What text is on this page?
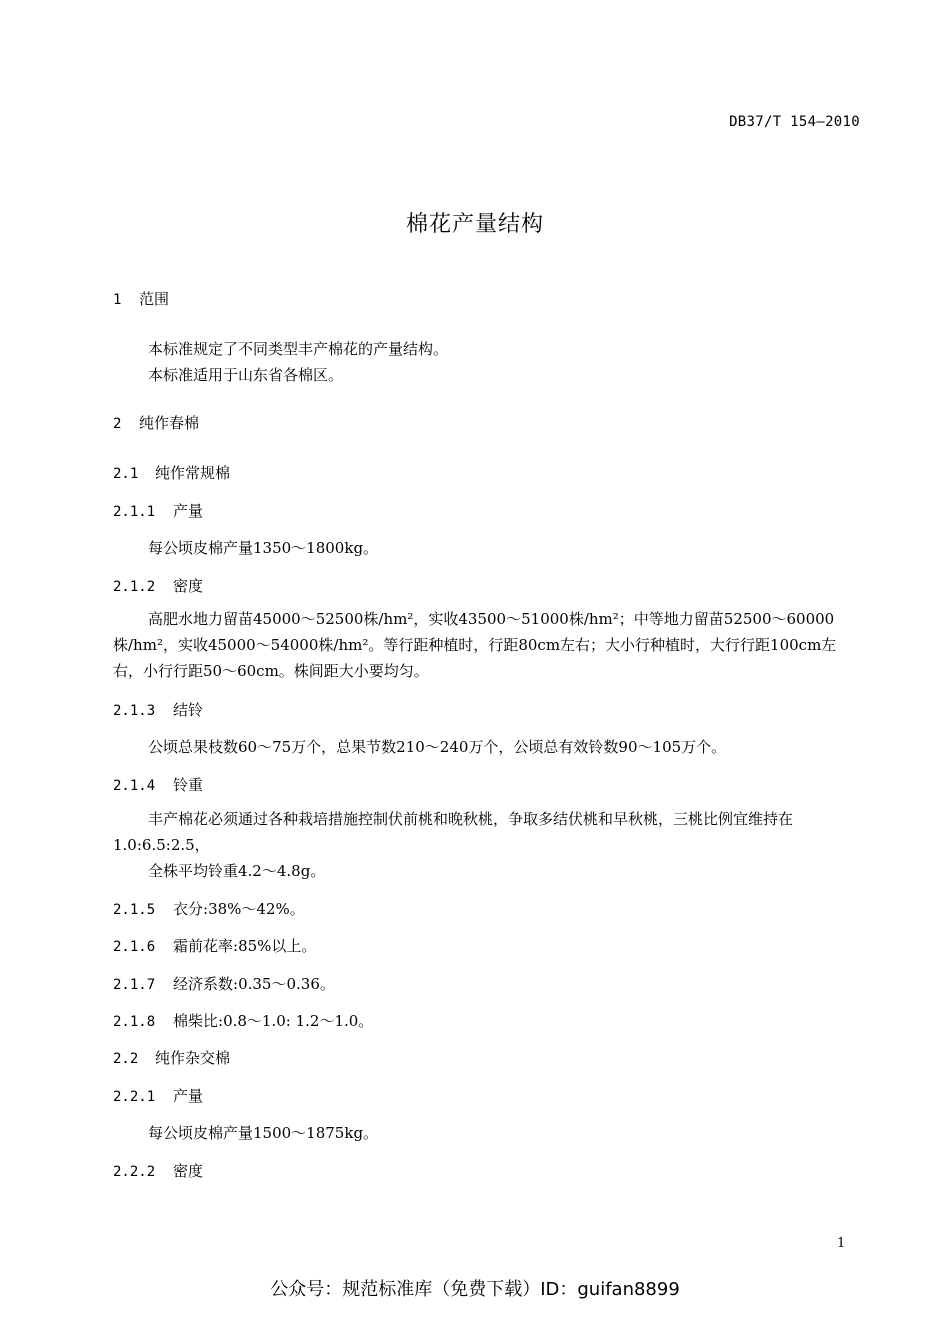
DB37/T 154—2010
棉花产量结构
1 范围
本标准规定了不同类型丰产棉花的产量结构。
本标准适用于山东省各棉区。
2 纯作春棉
2.1 纯作常规棉
2.1.1 产量
每公顷皮棉产量1350～1800kg。
2.1.2 密度
高肥水地力留苗45000～52500株/hm²，实收43500～51000株/hm²；中等地力留苗52500～60000株/hm²，实收45000～54000株/hm²。等行距种植时，行距80cm左右；大小行种植时，大行行距100cm左右，小行行距50～60cm。株间距大小要均匀。
2.1.3 结铃
公顷总果枝数60～75万个，总果节数210～240万个，公顷总有效铃数90～105万个。
2.1.4 铃重
丰产棉花必须通过各种栽培措施控制伏前桃和晚秋桃，争取多结伏桃和早秋桃，三桃比例宜维持在1.0:6.5:2.5，
全株平均铃重4.2～4.8g。
2.1.5 衣分:38%～42%。
2.1.6 霜前花率:85%以上。
2.1.7 经济系数:0.35～0.36。
2.1.8 棉柴比:0.8～1.0: 1.2～1.0。
2.2 纯作杂交棉
2.2.1 产量
每公顷皮棉产量1500～1875kg。
2.2.2 密度
1
公众号：规范标准库（免费下载）ID：guifan8899
